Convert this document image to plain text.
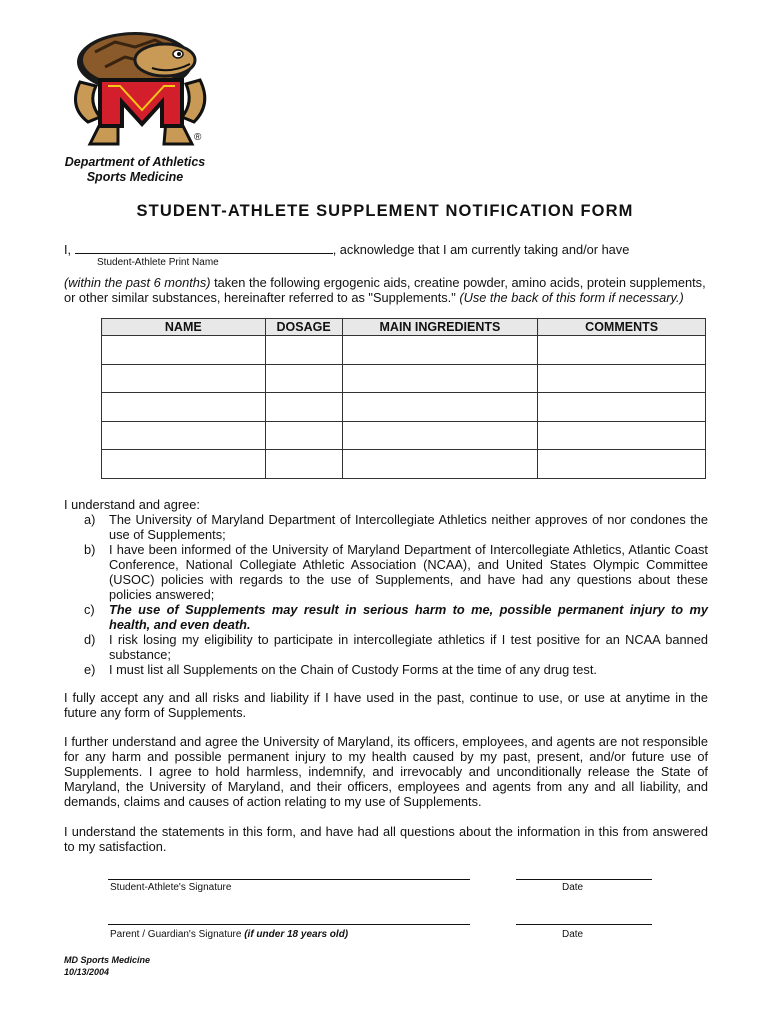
®
Department of Athletics
Sports Medicine
STUDENT-ATHLETE SUPPLEMENT NOTIFICATION FORM
I,	, acknowledge that I am currently taking and/or have
Student-Athlete Print Name
(within the past 6 months) taken the following ergogenic aids, creatine powder, amino acids, protein supplements, or other similar substances, hereinafter referred to as "Supplements." (Use the back of this form if necessary.)
NAME	DOSAGE	MAIN INGREDIENTS	COMMENTS

I understand and agree:
a) The University of Maryland Department of Intercollegiate Athletics neither approves of nor condones the use of Supplements;
b) I have been informed of the University of Maryland Department of Intercollegiate Athletics, Atlantic Coast Conference, National Collegiate Athletic Association (NCAA), and United States Olympic Committee (USOC) policies with regards to the use of Supplements, and have had any questions about these policies answered;
c) The use of Supplements may result in serious harm to me, possible permanent injury to my health, and even death.
d) I risk losing my eligibility to participate in intercollegiate athletics if I test positive for an NCAA banned substance;
e) I must list all Supplements on the Chain of Custody Forms at the time of any drug test.
I fully accept any and all risks and liability if I have used in the past, continue to use, or use at anytime in the future any form of Supplements.
I further understand and agree the University of Maryland, its officers, employees, and agents are not responsible for any harm and possible permanent injury to my health caused by my past, present, and/or future use of Supplements. I agree to hold harmless, indemnify, and irrevocably and unconditionally release the State of Maryland, the University of Maryland, and their officers, employees and agents from any and all liability, and demands, claims and causes of action relating to my use of Supplements.
I understand the statements in this form, and have had all questions about the information in this from answered to my satisfaction.
Student-Athlete's Signature	Date
Parent / Guardian's Signature (if under 18 years old)	Date
MD Sports Medicine
10/13/2004
